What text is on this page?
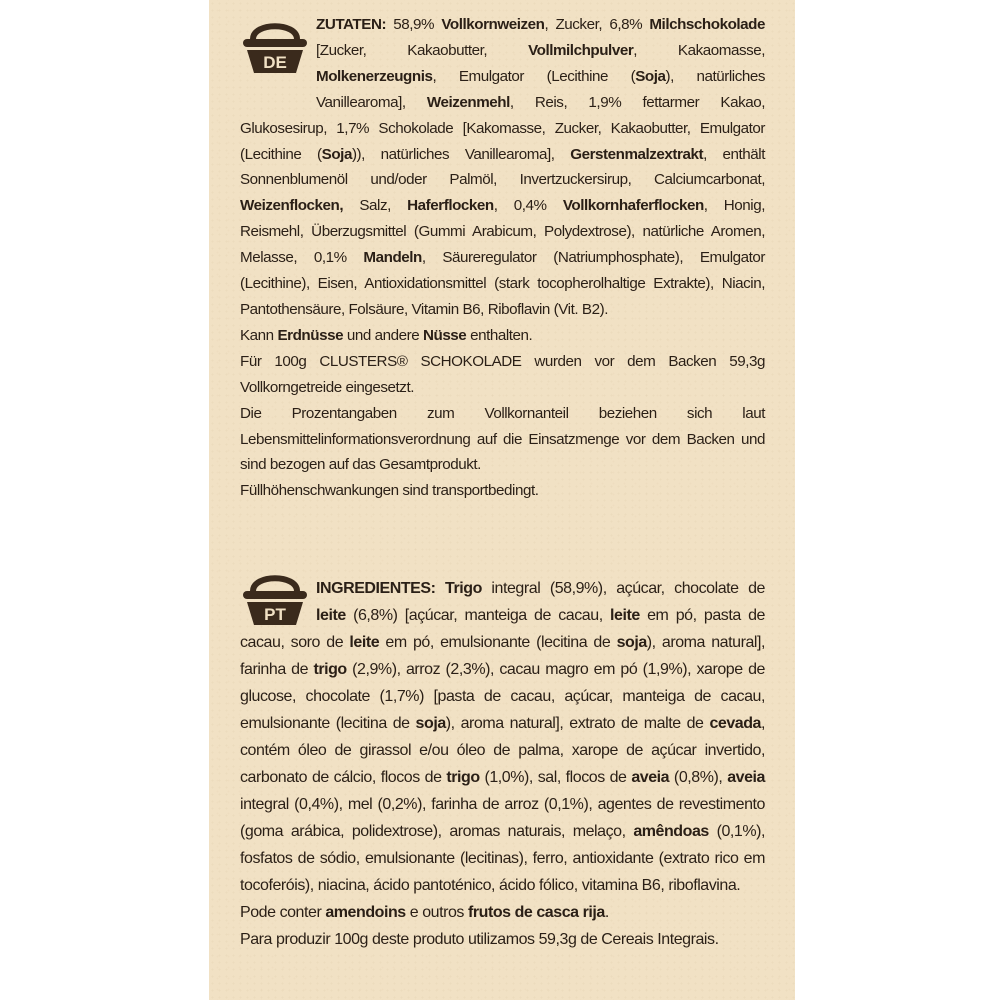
DE
ZUTATEN: 58,9% Vollkornweizen, Zucker, 6,8% Milchschokolade [Zucker, Kakaobutter, Vollmilchpulver, Kakaomasse, Molkenerzeugnis, Emulgator (Lecithine (Soja), natürliches Vanillearoma], Weizenmehl, Reis, 1,9% fettarmer Kakao, Glukosesirup, 1,7% Schokolade [Kakomasse, Zucker, Kakaobutter, Emulgator (Lecithine (Soja)), natürliches Vanillearoma], Gerstenmalzextrakt, enthält Sonnenblumenöl und/oder Palmöl, Invertzuckersirup, Calciumcarbonat, Weizenflocken, Salz, Haferflocken, 0,4% Vollkornhaferflocken, Honig, Reismehl, Überzugsmittel (Gummi Arabicum, Polydextrose), natürliche Aromen, Melasse, 0,1% Mandeln, Säureregulator (Natriumphosphate), Emulgator (Lecithine), Eisen, Antioxidationsmittel (stark tocopherolhaltige Extrakte), Niacin, Pantothensäure, Folsäure, Vitamin B6, Riboflavin (Vit. B2).
Kann Erdnüsse und andere Nüsse enthalten.
Für 100g CLUSTERS® SCHOKOLADE wurden vor dem Backen 59,3g Vollkorngetreide eingesetzt.
Die Prozentangaben zum Vollkornanteil beziehen sich laut Lebensmittelinformationsverordnung auf die Einsatzmenge vor dem Backen und sind bezogen auf das Gesamtprodukt.
Füllhöhenschwankungen sind transportbedingt.
PT
INGREDIENTES: Trigo integral (58,9%), açúcar, chocolate de leite (6,8%) [açúcar, manteiga de cacau, leite em pó, pasta de cacau, soro de leite em pó, emulsionante (lecitina de soja), aroma natural], farinha de trigo (2,9%), arroz (2,3%), cacau magro em pó (1,9%), xarope de glucose, chocolate (1,7%) [pasta de cacau, açúcar, manteiga de cacau, emulsionante (lecitina de soja), aroma natural], extrato de malte de cevada, contém óleo de girassol e/ou óleo de palma, xarope de açúcar invertido, carbonato de cálcio, flocos de trigo (1,0%), sal, flocos de aveia (0,8%), aveia integral (0,4%), mel (0,2%), farinha de arroz (0,1%), agentes de revestimento (goma arábica, polidextrose), aromas naturais, melaço, amêndoas (0,1%), fosfatos de sódio, emulsionante (lecitinas), ferro, antioxidante (extrato rico em tocoferóis), niacina, ácido pantoténico, ácido fólico, vitamina B6, riboflavina.
Pode conter amendoins e outros frutos de casca rija.
Para produzir 100g deste produto utilizamos 59,3g de Cereais Integrais.
